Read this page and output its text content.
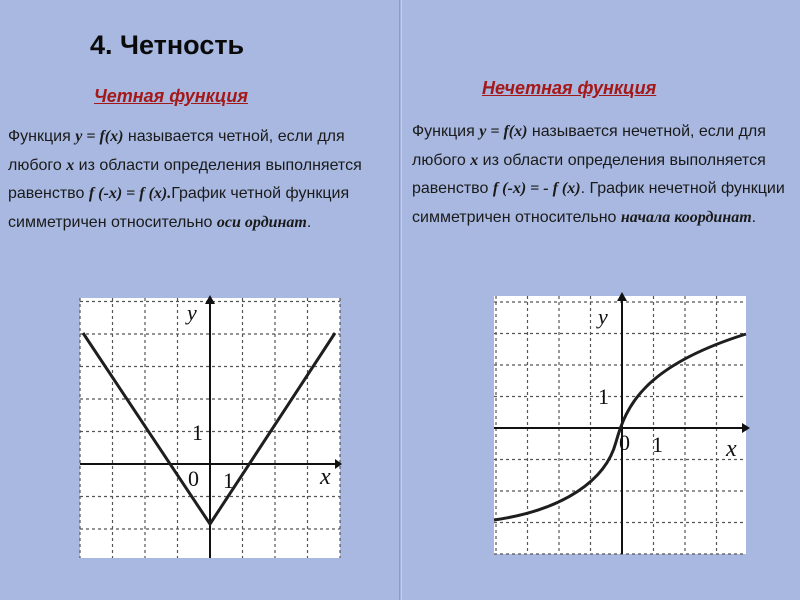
4. Четность
Четная функция	Нечетная функция
Функция y = f(x) называется четной, если для любого x из области определения выполняется равенство f (-x) = f (x).График четной функция симметричен относительно оси ординат.
Функция y = f(x) называется нечетной, если для любого x из области определения выполняется равенство f (-x) = - f (x). График нечетной функции симметричен относительно начала координат.
y
x
0 1
1
y
x
0 1
1
